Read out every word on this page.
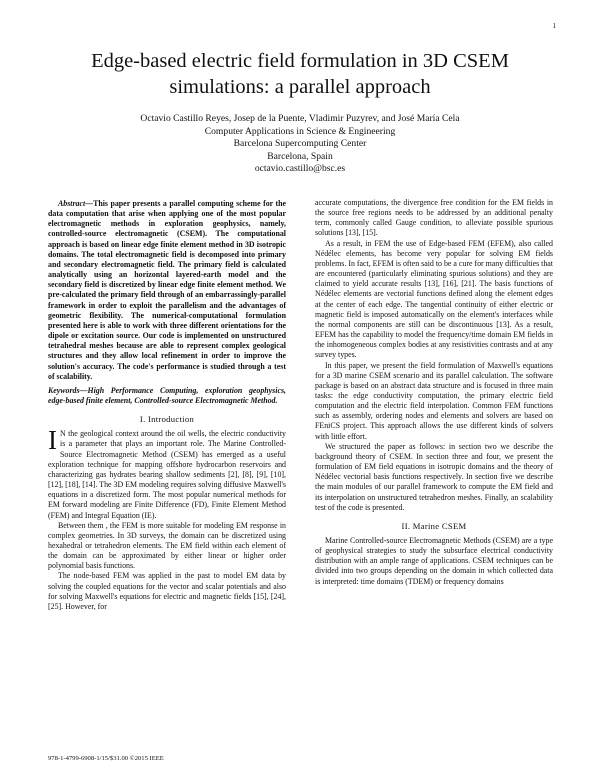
1
Edge-based electric field formulation in 3D CSEM simulations: a parallel approach
Octavio Castillo Reyes, Josep de la Puente, Vladimir Puzyrev, and José María Cela
Computer Applications in Science & Engineering
Barcelona Supercomputing Center
Barcelona, Spain
octavio.castillo@bsc.es

Abstract—This paper presents a parallel computing scheme for the data computation that arise when applying one of the most popular electromagnetic methods in exploration geophysics, namely, controlled-source electromagnetic (CSEM). The computational approach is based on linear edge finite element method in 3D isotropic domains. The total electromagnetic field is decomposed into primary and secondary electromagnetic field. The primary field is calculated analytically using an horizontal layered-earth model and the secondary field is discretized by linear edge finite element method. We pre-calculated the primary field through of an embarrassingly-parallel framework in order to exploit the parallelism and the advantages of geometric flexibility. The numerical-computational formulation presented here is able to work with three different orientations for the dipole or excitation source. Our code is implemented on unstructured tetrahedral meshes because are able to represent complex geological structures and they allow local refinement in order to improve the solution's accuracy. The code's performance is studied through a test of scalability.

Keywords—High Performance Computing, exploration geophysics, edge-based finite element, Controlled-source Electromagnetic Method.

I. Introduction

I N the geological context around the oil wells, the electric conductivity is a parameter that plays an important role. The Marine Controlled-Source Electromagnetic Method (CSEM) has emerged as a useful exploration technique for mapping offshore hydrocarbon reservoirs and characterizing gas hydrates bearing shallow sediments [2], [8], [9], [10], [12], [18], [14]. The 3D EM modeling requires solving diffusive Maxwell's equations in a discretized form. The most popular numerical methods for EM forward modeling are Finite Difference (FD), Finite Element Method (FEM) and Integral Equation (IE).

Between them , the FEM is more suitable for modeling EM response in complex geometries. In 3D surveys, the domain can be discretized using hexahedral or tetrahedron elements. The EM field within each element of the domain can be approximated by either linear or higher order polynomial basis functions.

The node-based FEM was applied in the past to model EM data by solving the coupled equations for the vector and scalar potentials and also for solving Maxwell's equations for electric and magnetic fields [15], [24], [25]. However, for

accurate computations, the divergence free condition for the EM fields in the source free regions needs to be addressed by an additional penalty term, commonly called Gauge condition, to alleviate possible spurious solutions [13], [15].

As a result, in FEM the use of Edge-based FEM (EFEM), also called Nédélec elements, has become very popular for solving EM fields problems. In fact, EFEM is often said to be a cure for many difficulties that are encountered (particularly eliminating spurious solutions) and they are claimed to yield accurate results [13], [16], [21]. The basis functions of Nédélec elements are vectorial functions defined along the element edges at the center of each edge. The tangential continuity of either electric or magnetic field is imposed automatically on the element's interfaces while the normal components are still can be discontinuous [13]. As a result, EFEM has the capability to model the frequency/time domain EM fields in the inhomogeneous complex bodies at any resistivities contrasts and at any survey types.

In this paper, we present the field formulation of Maxwell's equations for a 3D marine CSEM scenario and its parallel calculation. The software package is based on an abstract data structure and is focused in three main tasks: the edge conductivity computation, the primary electric field computation and the electric field interpolation. Common FEM functions such as assembly, ordering nodes and elements and solvers are based on FEniCS project. This approach allows the use different kinds of solvers with little effort.

We structured the paper as follows: in section two we describe the background theory of CSEM. In section three and four, we present the formulation of EM field equations in isotropic domains and the theory of Nédélec vectorial basis functions respectively. In section five we describe the main modules of our parallel framework to compute the EM field and its interpolation on unstructured tetrahedron meshes. Finally, an scalability test of the code is presented.

II. Marine CSEM

Marine Controlled-source Electromagnetic Methods (CSEM) are a type of geophysical strategies to study the subsurface electrical conductivity distribution with an ample range of applications. CSEM techniques can be divided into two groups depending on the domain in which collected data is interpreted: time domains (TDEM) or frequency domains

978-1-4799-6908-1/15/$31.00 ©2015 IEEE
